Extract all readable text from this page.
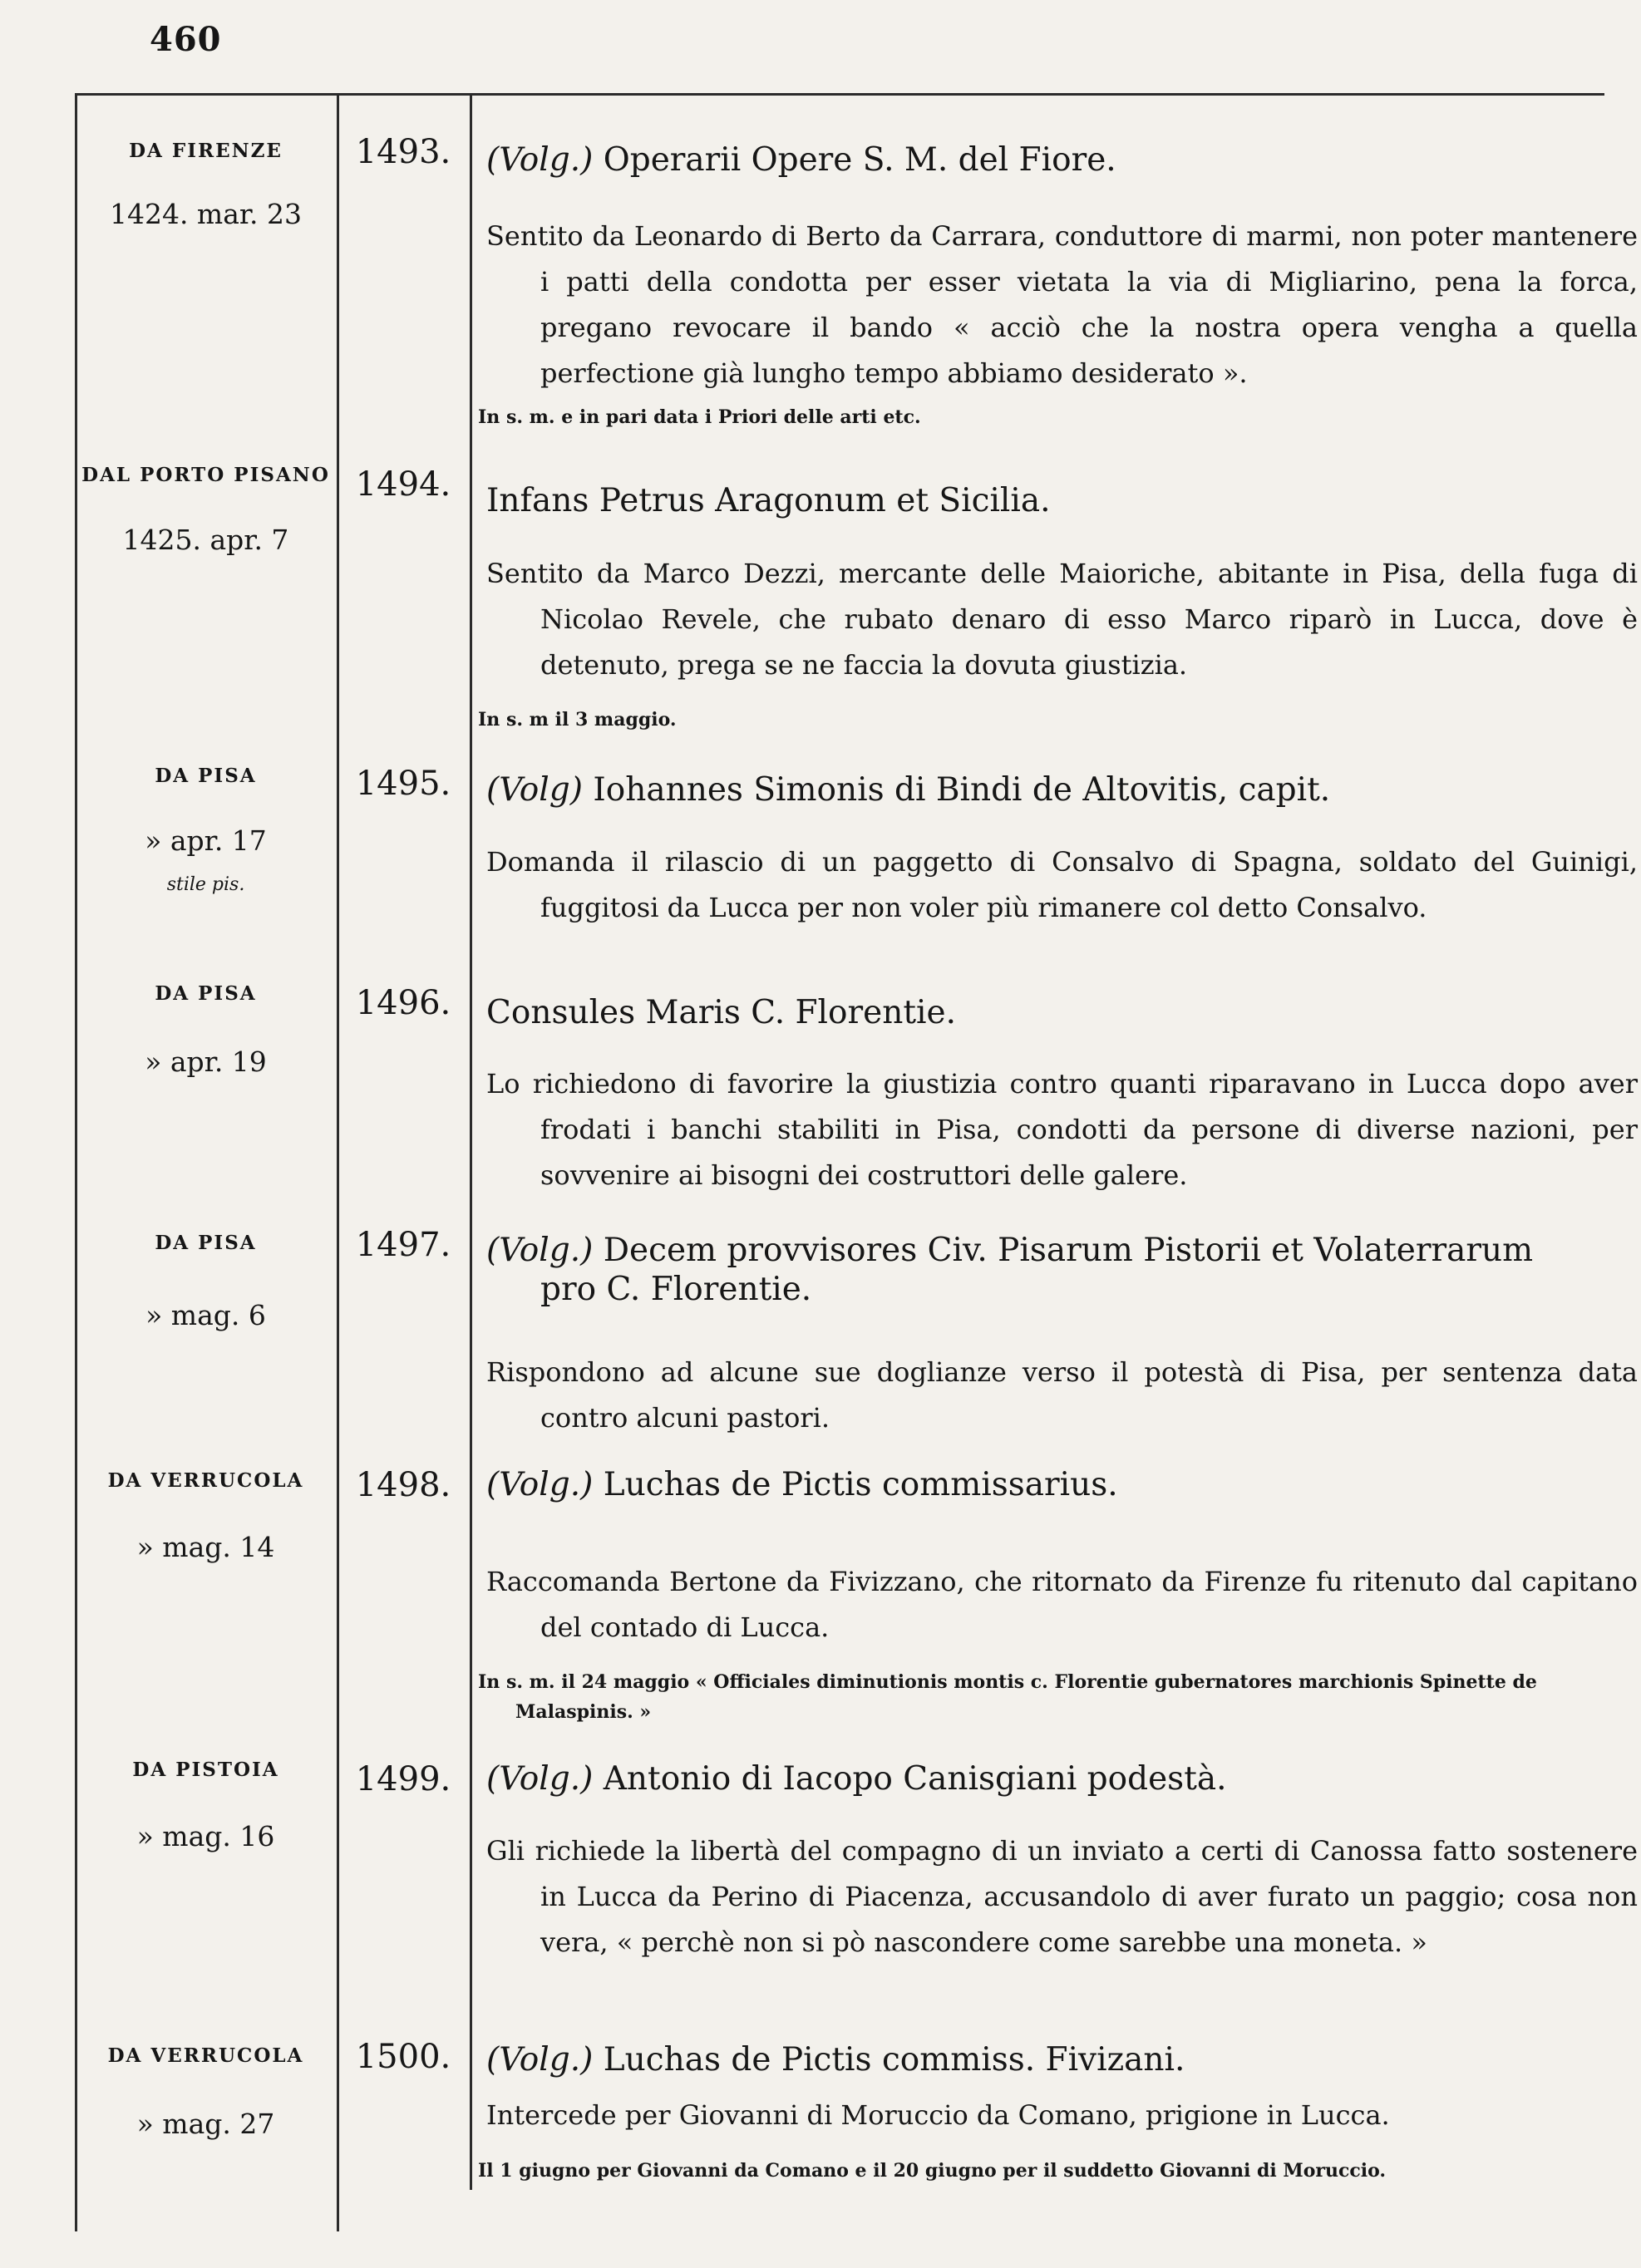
460
DA FIRENZE
1424. mar. 23
1493.	(Volg.) Operarii Opere S. M. del Fiore.
Sentito da Leonardo di Berto da Carrara, conduttore di marmi, non poter mantenere i patti della condotta per esser vietata la via di Migliarino, pena la forca, pregano revocare il bando « acciò che la nostra opera vengha a quella perfectione già lungho tempo abbiamo desiderato ».
In s. m. e in pari data i Priori delle arti etc.
DAL PORTO PISANO
1425. apr. 7
1494.	Infans Petrus Aragonum et Sicilia.
Sentito da Marco Dezzi, mercante delle Maioriche, abitante in Pisa, della fuga di Nicolao Revele, che rubato denaro di esso Marco riparò in Lucca, dove è detenuto, prega se ne faccia la dovuta giustizia.
In s. m il 3 maggio.
DA PISA
» apr. 17
stile pis.
1495.	(Volg) Iohannes Simonis di Bindi de Altovitis, capit.
Domanda il rilascio di un paggetto di Consalvo di Spagna, soldato del Guinigi, fuggitosi da Lucca per non voler più rimanere col detto Consalvo.
DA PISA
» apr. 19
1496.	Consules Maris C. Florentie.
Lo richiedono di favorire la giustizia contro quanti riparavano in Lucca dopo aver frodati i banchi stabiliti in Pisa, condotti da persone di diverse nazioni, per sovvenire ai bisogni dei costruttori delle galere.
DA PISA
» mag. 6
1497.	(Volg.) Decem provvisores Civ. Pisarum Pistorii et Volaterrarum pro C. Florentie.
Rispondono ad alcune sue doglianze verso il potestà di Pisa, per sentenza data contro alcuni pastori.
DA VERRUCOLA
» mag. 14
1498.	(Volg.) Luchas de Pictis commissarius.
Raccomanda Bertone da Fivizzano, che ritornato da Firenze fu ritenuto dal capitano del contado di Lucca.
In s. m. il 24 maggio « Officiales diminutionis montis c. Florentie gubernatores marchionis Spinette de Malaspinis. »
DA PISTOIA
» mag. 16
1499.	(Volg.) Antonio di Iacopo Canisgiani podestà.
Gli richiede la libertà del compagno di un inviato a certi di Canossa fatto sostenere in Lucca da Perino di Piacenza, accusandolo di aver furato un paggio; cosa non vera, « perchè non si pò nascondere come sarebbe una moneta. »
DA VERRUCOLA
» mag. 27
1500.	(Volg.) Luchas de Pictis commiss. Fivizani.
Intercede per Giovanni di Moruccio da Comano, prigione in Lucca.
Il 1 giugno per Giovanni da Comano e il 20 giugno per il suddetto Giovanni di Moruccio.
